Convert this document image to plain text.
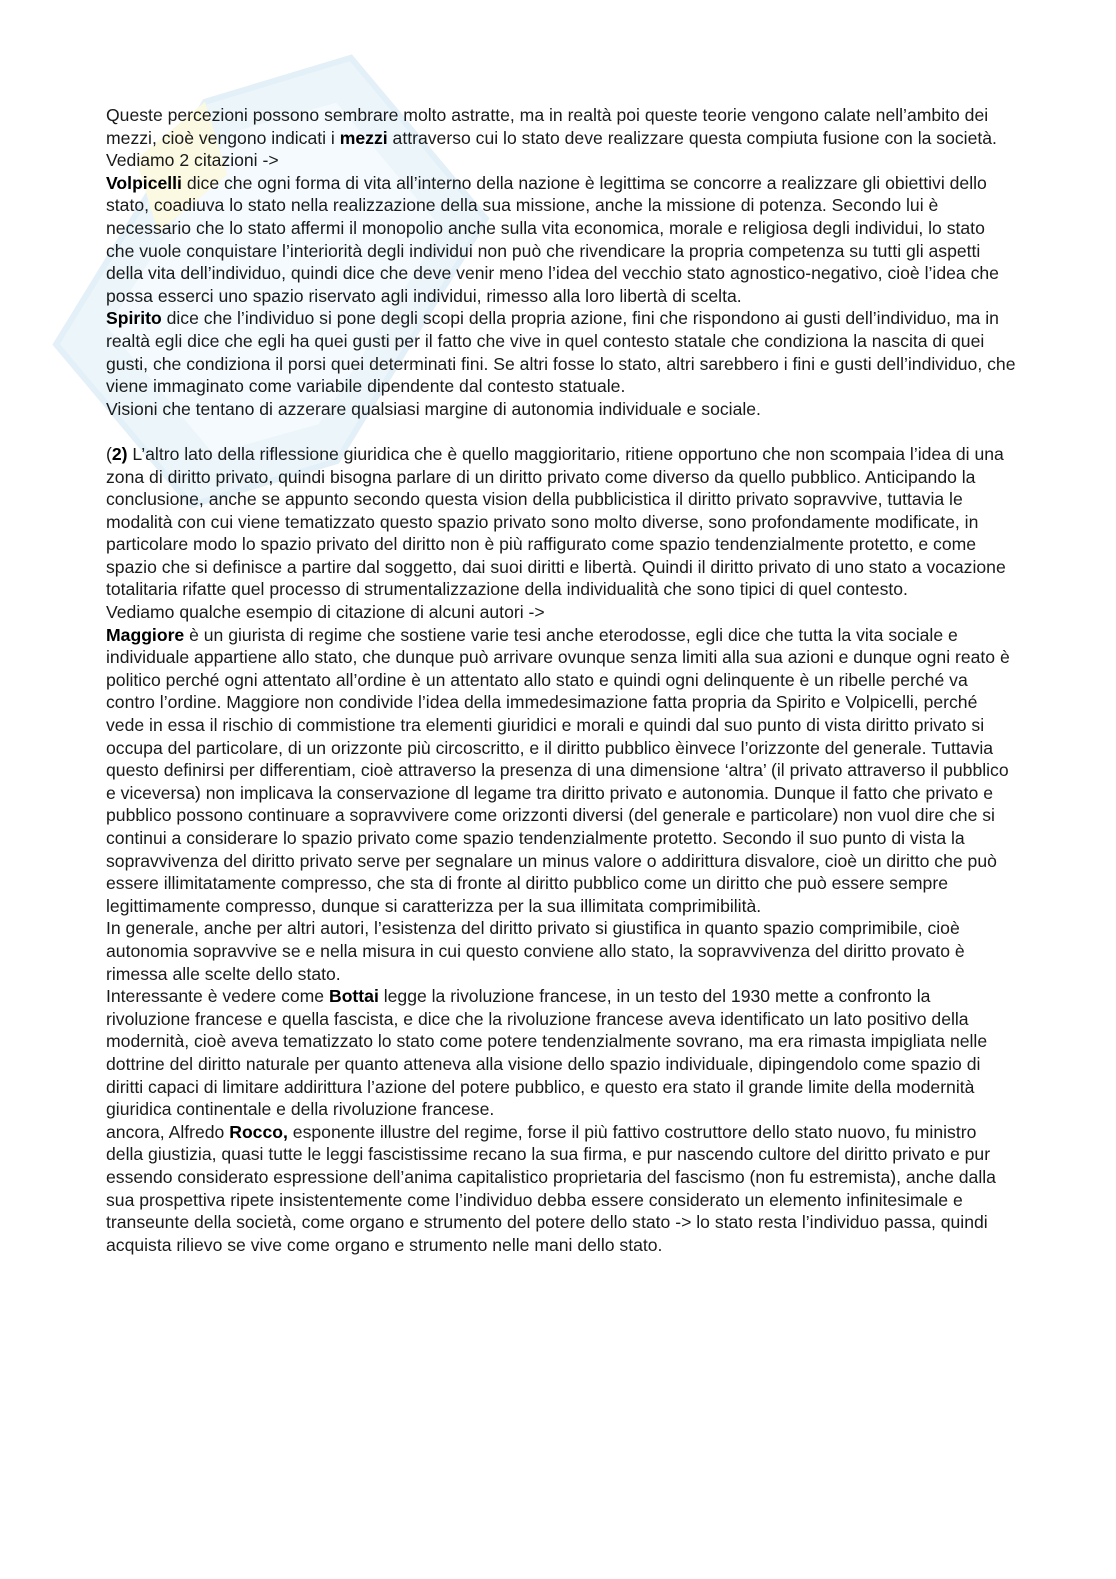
Queste percezioni possono sembrare molto astratte, ma in realtà poi queste teorie vengono calate nell’ambito dei mezzi, cioè vengono indicati i mezzi attraverso cui lo stato deve realizzare questa compiuta fusione con la società. Vediamo 2 citazioni ->

Volpicelli dice che ogni forma di vita all’interno della nazione è legittima se concorre a realizzare gli obiettivi dello stato, coadiuva lo stato nella realizzazione della sua missione, anche la missione di potenza. Secondo lui è necessario che lo stato affermi il monopolio anche sulla vita economica, morale e religiosa degli individui, lo stato che vuole conquistare l’interiorità degli individui non può che rivendicare la propria competenza su tutti gli aspetti della vita dell’individuo, quindi dice che deve venir meno l’idea del vecchio stato agnostico-negativo, cioè l’idea che possa esserci uno spazio riservato agli individui, rimesso alla loro libertà di scelta.

Spirito dice che l’individuo si pone degli scopi della propria azione, fini che rispondono ai gusti dell’individuo, ma in realtà egli dice che egli ha quei gusti per il fatto che vive in quel contesto statale che condiziona la nascita di quei gusti, che condiziona il porsi quei determinati fini. Se altri fosse lo stato, altri sarebbero i fini e gusti dell’individuo, che viene immaginato come variabile dipendente dal contesto statuale.

Visioni che tentano di azzerare qualsiasi margine di autonomia individuale e sociale.

(2) L’altro lato della riflessione giuridica che è quello maggioritario, ritiene opportuno che non scompaia l’idea di una zona di diritto privato, quindi bisogna parlare di un diritto privato come diverso da quello pubblico. Anticipando la conclusione, anche se appunto secondo questa vision della pubblicistica il diritto privato sopravvive, tuttavia le modalità con cui viene tematizzato questo spazio privato sono molto diverse, sono profondamente modificate, in particolare modo lo spazio privato del diritto non è più raffigurato come spazio tendenzialmente protetto, e come spazio che si definisce a partire dal soggetto, dai suoi diritti e libertà. Quindi il diritto privato di uno stato a vocazione totalitaria rifatte quel processo di strumentalizzazione della individualità che sono tipici di quel contesto.

Vediamo qualche esempio di citazione di alcuni autori ->

Maggiore è un giurista di regime che sostiene varie tesi anche eterodosse, egli dice che tutta la vita sociale e individuale appartiene allo stato, che dunque può arrivare ovunque senza limiti alla sua azioni e dunque ogni reato è politico perché ogni attentato all’ordine è un attentato allo stato e quindi ogni delinquente è un ribelle perché va contro l’ordine. Maggiore non condivide l’idea della immedesimazione fatta propria da Spirito e Volpicelli, perché vede in essa il rischio di commistione tra elementi giuridici e morali e quindi dal suo punto di vista diritto privato si occupa del particolare, di un orizzonte più circoscritto, e il diritto pubblico èinvece l’orizzonte del generale. Tuttavia questo definirsi per differentiam, cioè attraverso la presenza di una dimensione ‘altra’ (il privato attraverso il pubblico e viceversa) non implicava la conservazione dl legame tra diritto privato e autonomia. Dunque il fatto che privato e pubblico possono continuare a sopravvivere come orizzonti diversi (del generale e particolare) non vuol dire che si continui a considerare lo spazio privato come spazio tendenzialmente protetto. Secondo il suo punto di vista la sopravvivenza del diritto privato serve per segnalare un minus valore o addirittura disvalore, cioè un diritto che può essere illimitatamente compresso, che sta di fronte al diritto pubblico come un diritto che può essere sempre legittimamente compresso, dunque si caratterizza per la sua illimitata comprimibilità.

In generale, anche per altri autori, l’esistenza del diritto privato si giustifica in quanto spazio comprimibile, cioè autonomia sopravvive se e nella misura in cui questo conviene allo stato, la sopravvivenza del diritto provato è rimessa alle scelte dello stato.

Interessante è vedere come Bottai legge la rivoluzione francese, in un testo del 1930 mette a confronto la rivoluzione francese e quella fascista, e dice che la rivoluzione francese aveva identificato un lato positivo della modernità, cioè aveva tematizzato lo stato come potere tendenzialmente sovrano, ma era rimasta impigliata nelle dottrine del diritto naturale per quanto atteneva alla visione dello spazio individuale, dipingendolo come spazio di diritti capaci di limitare addirittura l’azione del potere pubblico, e questo era stato il grande limite della modernità giuridica continentale e della rivoluzione francese.

ancora, Alfredo Rocco, esponente illustre del regime, forse il più fattivo costruttore dello stato nuovo, fu ministro della giustizia, quasi tutte le leggi fascistissime recano la sua firma, e pur nascendo cultore del diritto privato e pur essendo considerato espressione dell’anima capitalistico proprietaria del fascismo (non fu estremista), anche dalla sua prospettiva ripete insistentemente come l’individuo debba essere considerato un elemento infinitesimale e transeunte della società, come organo e strumento del potere dello stato -> lo stato resta l’individuo passa, quindi acquista rilievo se vive come organo e strumento nelle mani dello stato.
